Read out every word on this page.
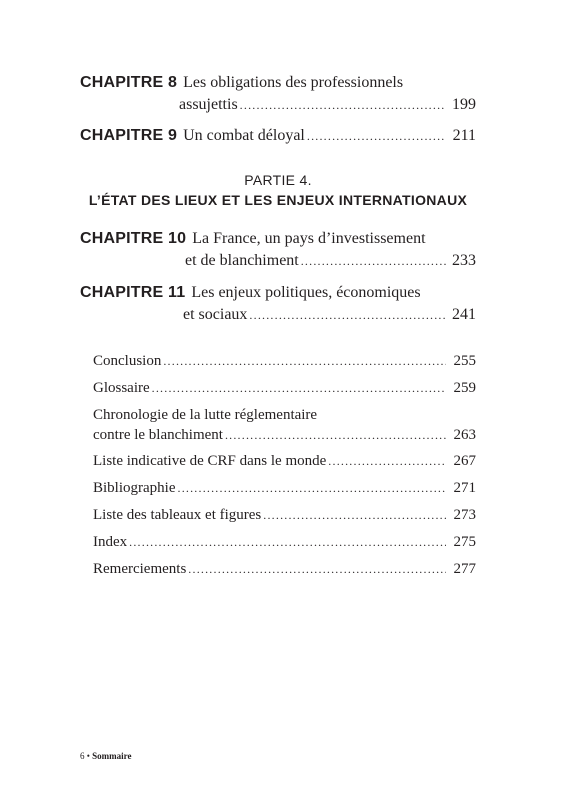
CHAPITRE 8 Les obligations des professionnels
assujettis .....	199
CHAPITRE 9 Un combat déloyal .....	211
PARTIE 4.
L’ÉTAT DES LIEUX ET LES ENJEUX INTERNATIONAUX
CHAPITRE 10 La France, un pays d’investissement
et de blanchiment .....	233
CHAPITRE 11 Les enjeux politiques, économiques
et sociaux .....	241
Conclusion .....	255
Glossaire .....	259
Chronologie de la lutte réglementaire
contre le blanchiment .....	263
Liste indicative de CRF dans le monde .....	267
Bibliographie .....	271
Liste des tableaux et figures .....	273
Index .....	275
Remerciements .....	277
6 • Sommaire
